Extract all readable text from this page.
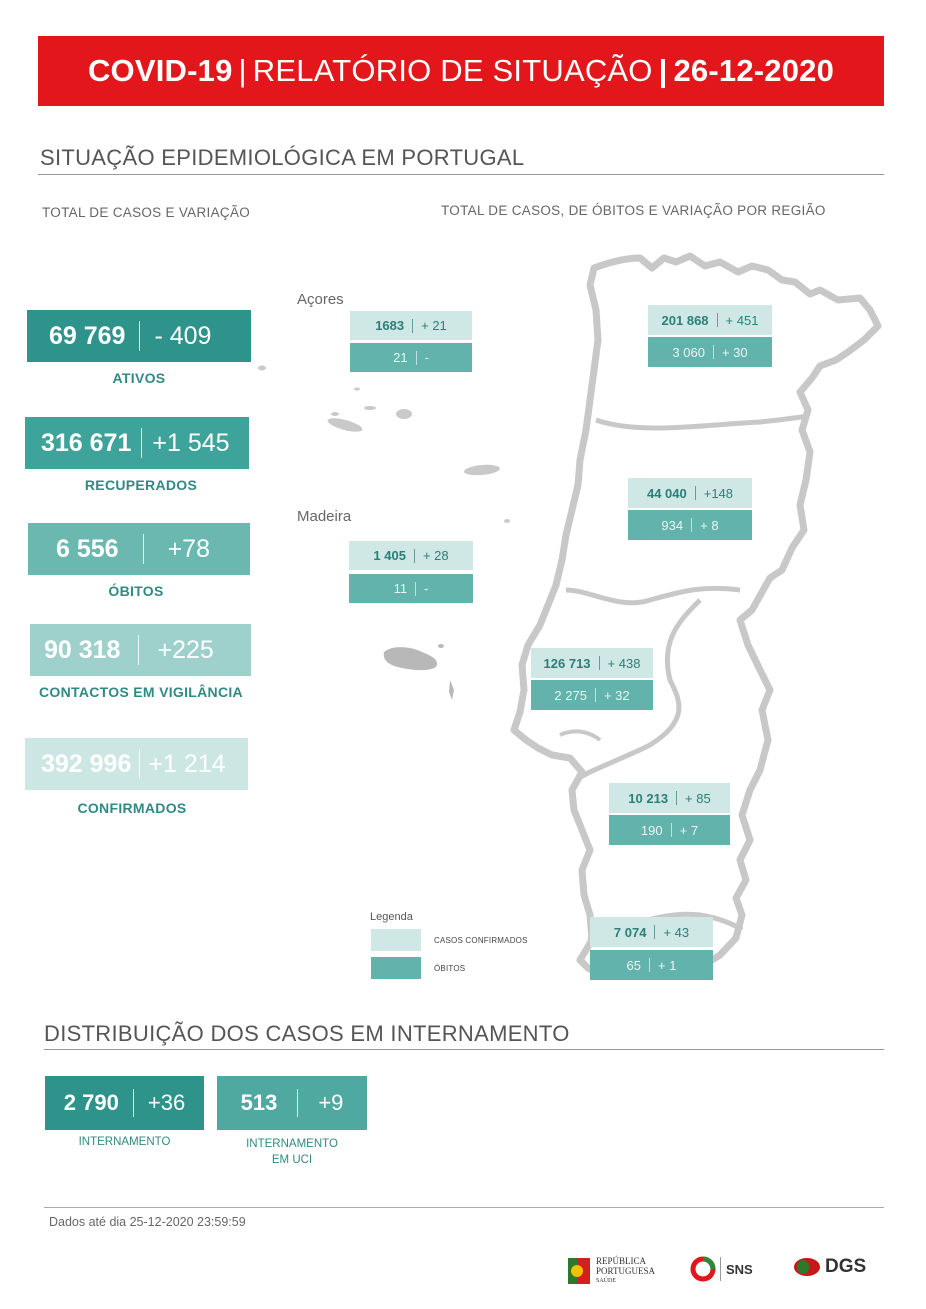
COVID-19 | RELATÓRIO DE SITUAÇÃO | 26-12-2020
SITUAÇÃO EPIDEMIOLÓGICA EM PORTUGAL
TOTAL DE CASOS E VARIAÇÃO	TOTAL DE CASOS, DE ÓBITOS E VARIAÇÃO POR REGIÃO
69 769 - 409
ATIVOS
316 671 +1 545
RECUPERADOS
6 556 +78
ÓBITOS
90 318 +225
CONTACTOS EM VIGILÂNCIA
392 996 +1 214
CONFIRMADOS
Açores
Madeira
1683 + 21
21 -
1 405 + 28
11 -
201 868 + 451
3 060 + 30
44 040 +148
934 + 8
126 713 + 438
2 275 + 32
10 213 + 85
190 + 7
7 074 + 43
65 + 1
Legenda
CASOS CONFIRMADOS
ÓBITOS
DISTRIBUIÇÃO DOS CASOS EM INTERNAMENTO
2 790 +36
INTERNAMENTO
513 +9
INTERNAMENTO
EM UCI
Dados até dia 25-12-2020 23:59:59
REPÚBLICA
PORTUGUESA
SAÚDE
SNS	DGS
